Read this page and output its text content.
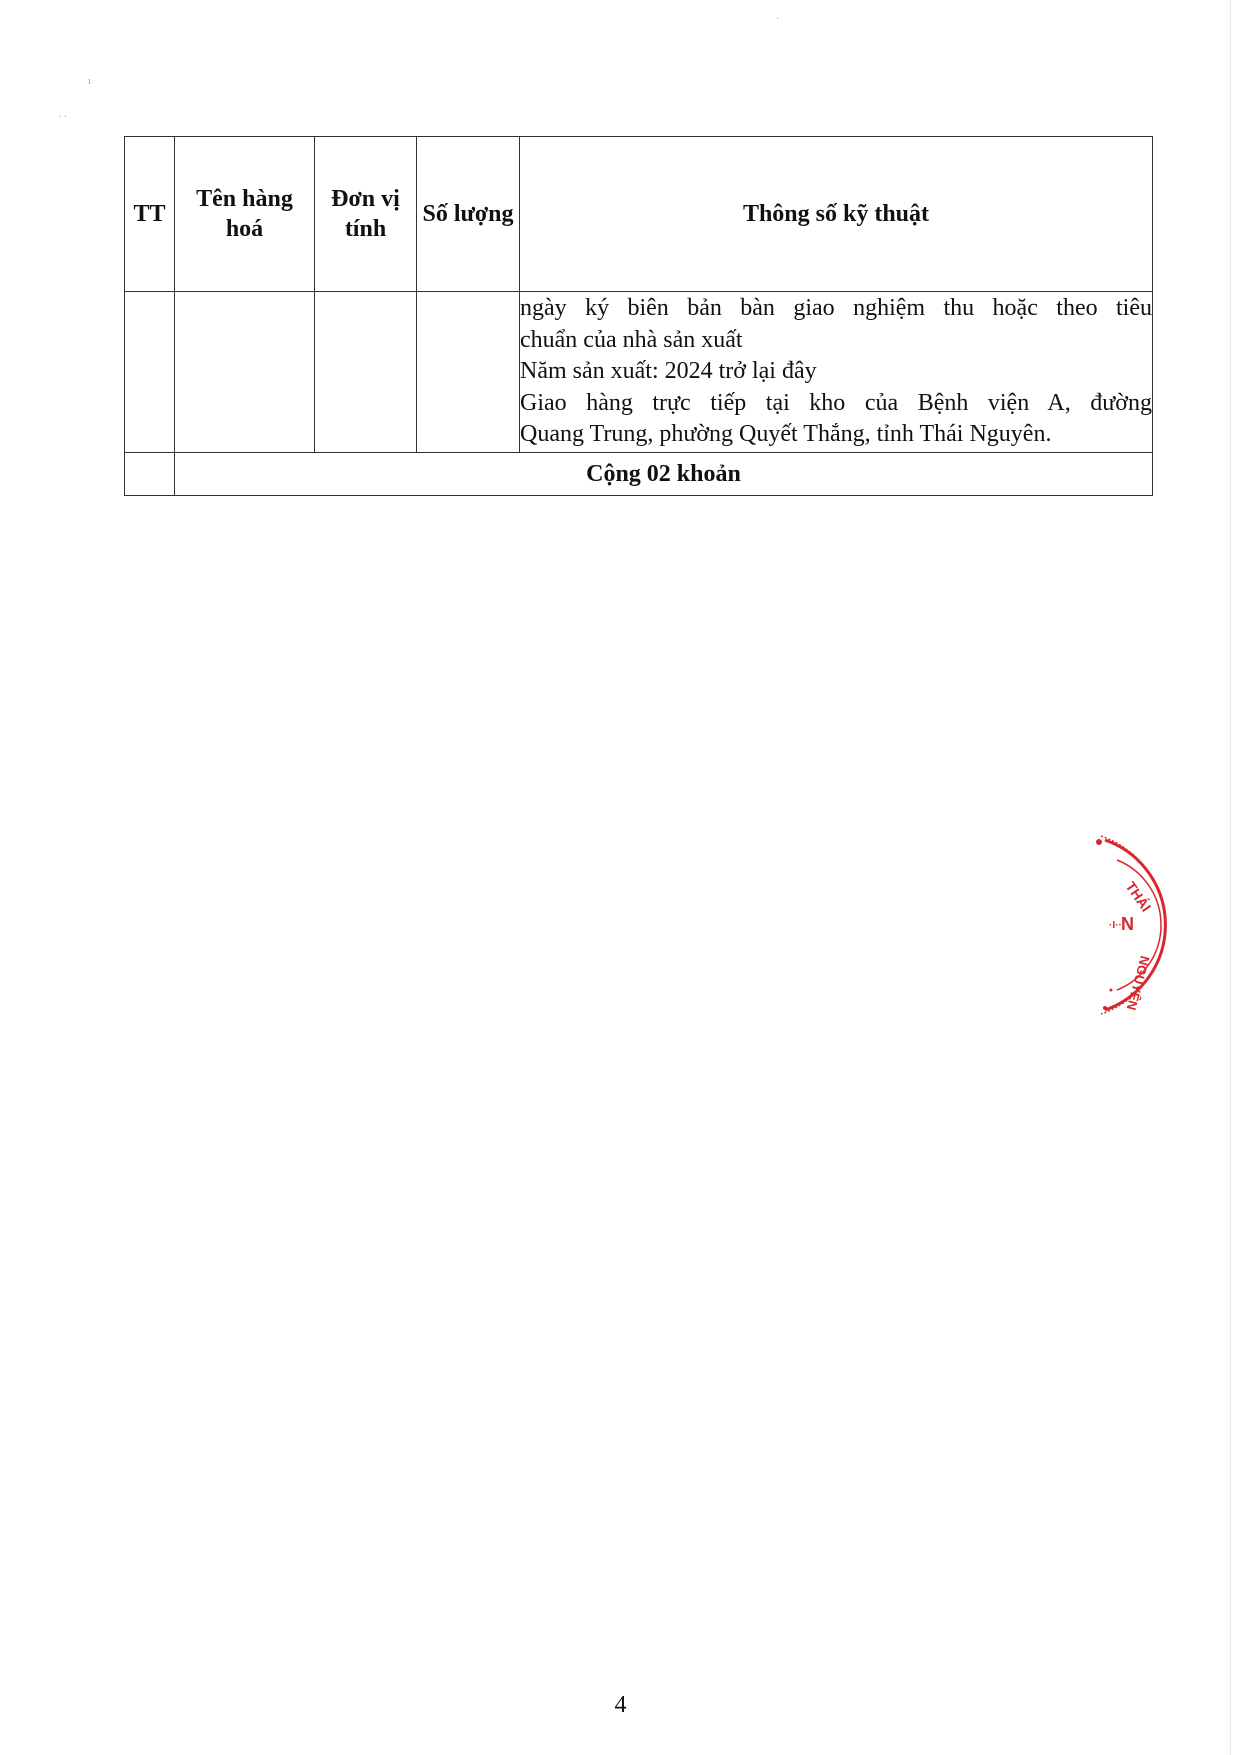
ı
· ·
·
TT	Tên hàng hoá	Đơn vị tính	Số lượng	Thông số kỹ thuật

				ngày ký biên bản bàn giao nghiệm thu hoặc theo tiêu
chuẩn của nhà sản xuất
Năm sản xuất: 2024 trở lại đây
Giao hàng trực tiếp tại kho của Bệnh viện A, đường
Quang Trung, phường Quyết Thắng, tỉnh Thái Nguyên.

	Cộng 02 khoản			
THÁI
N
·I··
NGUYÊN
4
